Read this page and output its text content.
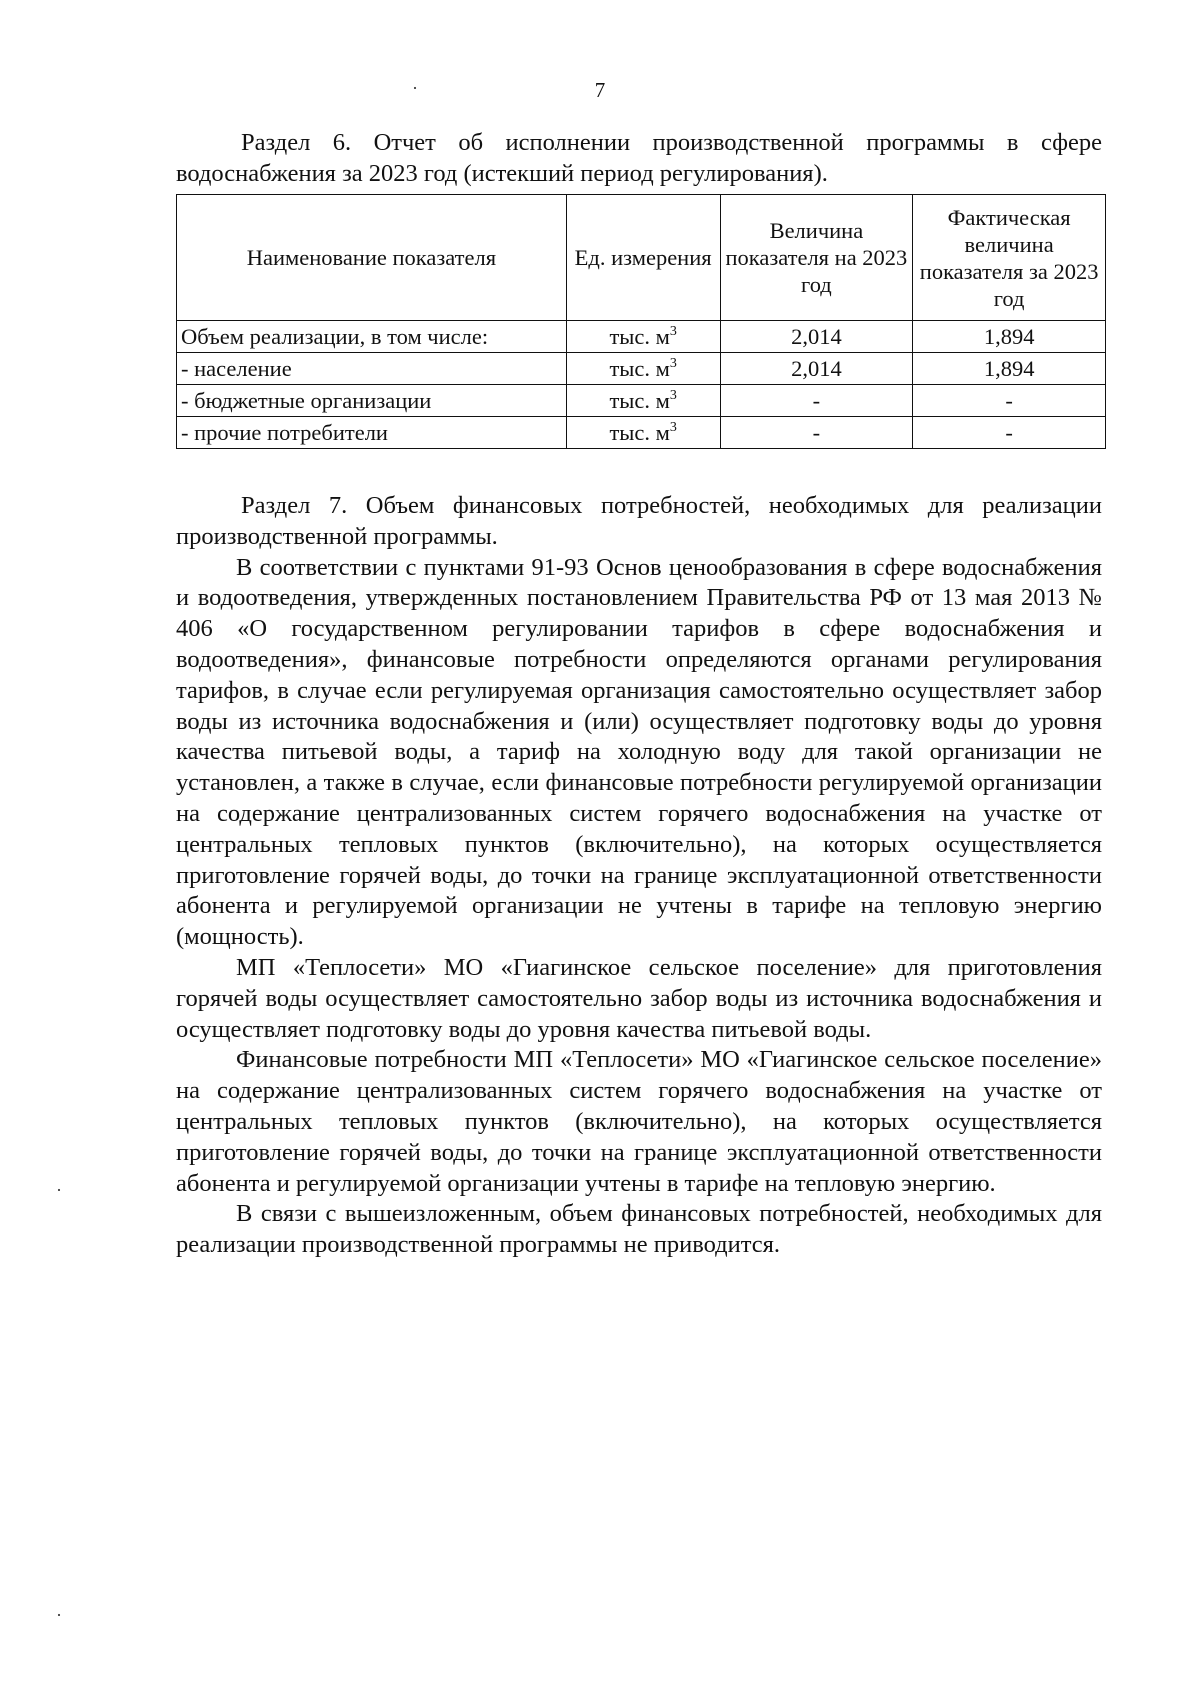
7

Раздел 6. Отчет об исполнении производственной программы в сфере водоснабжения за 2023 год (истекший период регулирования).

Наименование показателя	Ед. измерения	Величина показателя на 2023 год	Фактическая величина показателя за 2023 год
Объем реализации, в том числе:	тыс. $м^3$	2,014	1,894
- население	тыс. $м^3$	2,014	1,894
- бюджетные организации	тыс. $м^3$	-	-
- прочие потребители	тыс. $м^3$	-	-

Раздел 7. Объем финансовых потребностей, необходимых для реализации производственной программы.

В соответствии с пунктами 91-93 Основ ценообразования в сфере водоснабжения и водоотведения, утвержденных постановлением Правительства РФ от 13 мая 2013 № 406 «О государственном регулировании тарифов в сфере водоснабжения и водоотведения», финансовые потребности определяются органами регулирования тарифов, в случае если регулируемая организация самостоятельно осуществляет забор воды из источника водоснабжения и (или) осуществляет подготовку воды до уровня качества питьевой воды, а тариф на холодную воду для такой организации не установлен, а также в случае, если финансовые потребности регулируемой организации на содержание централизованных систем горячего водоснабжения на участке от центральных тепловых пунктов (включительно), на которых осуществляется приготовление горячей воды, до точки на границе эксплуатационной ответственности абонента и регулируемой организации не учтены в тарифе на тепловую энергию (мощность).

МП «Теплосети» МО «Гиагинское сельское поселение» для приготовления горячей воды осуществляет самостоятельно забор воды из источника водоснабжения и осуществляет подготовку воды до уровня качества питьевой воды.

Финансовые потребности МП «Теплосети» МО «Гиагинское сельское поселение» на содержание централизованных систем горячего водоснабжения на участке от центральных тепловых пунктов (включительно), на которых осуществляется приготовление горячей воды, до точки на границе эксплуатационной ответственности абонента и регулируемой организации учтены в тарифе на тепловую энергию.

В связи с вышеизложенным, объем финансовых потребностей, необходимых для реализации производственной программы не приводится.

·
·
·
